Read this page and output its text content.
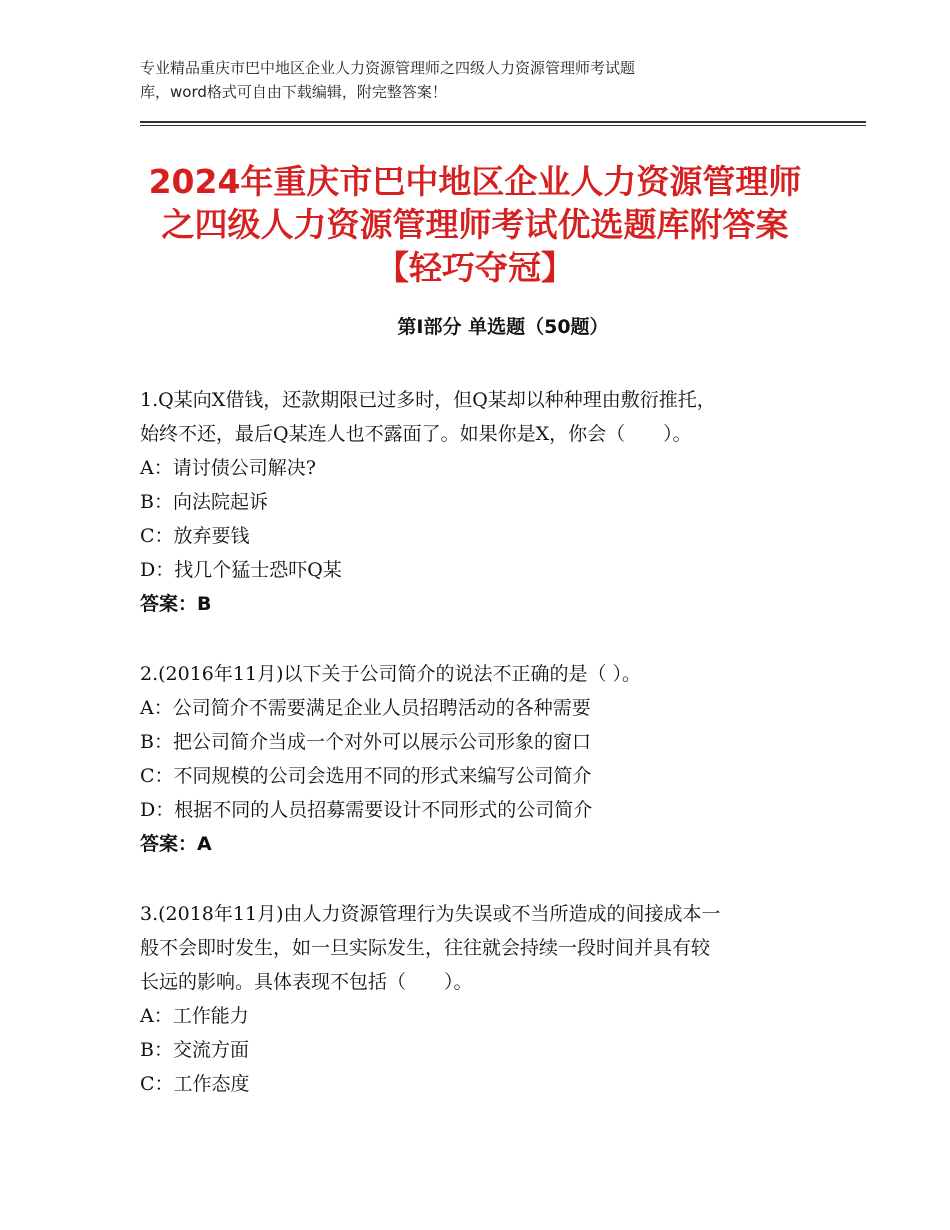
专业精品重庆市巴中地区企业人力资源管理师之四级人力资源管理师考试题
库，word格式可自由下载编辑，附完整答案！
2024年重庆市巴中地区企业人力资源管理师
之四级人力资源管理师考试优选题库附答案
【轻巧夺冠】
第Ⅰ部分 单选题（50题）

1.Q某向X借钱，还款期限已过多时，但Q某却以种种理由敷衍推托，

始终不还，最后Q某连人也不露面了。如果你是X，你会（　　）。

A：请讨债公司解决?

B：向法院起诉

C：放弃要钱

D：找几个猛士恐吓Q某

答案：B

2.(2016年11月)以下关于公司简介的说法不正确的是（ ）。

A：公司简介不需要满足企业人员招聘活动的各种需要

B：把公司简介当成一个对外可以展示公司形象的窗口

C：不同规模的公司会选用不同的形式来编写公司简介

D：根据不同的人员招募需要设计不同形式的公司简介

答案：A

3.(2018年11月)由人力资源管理行为失误或不当所造成的间接成本一

般不会即时发生，如一旦实际发生，往往就会持续一段时间并具有较

长远的影响。具体表现不包括（　　）。

A：工作能力

B：交流方面

C：工作态度
